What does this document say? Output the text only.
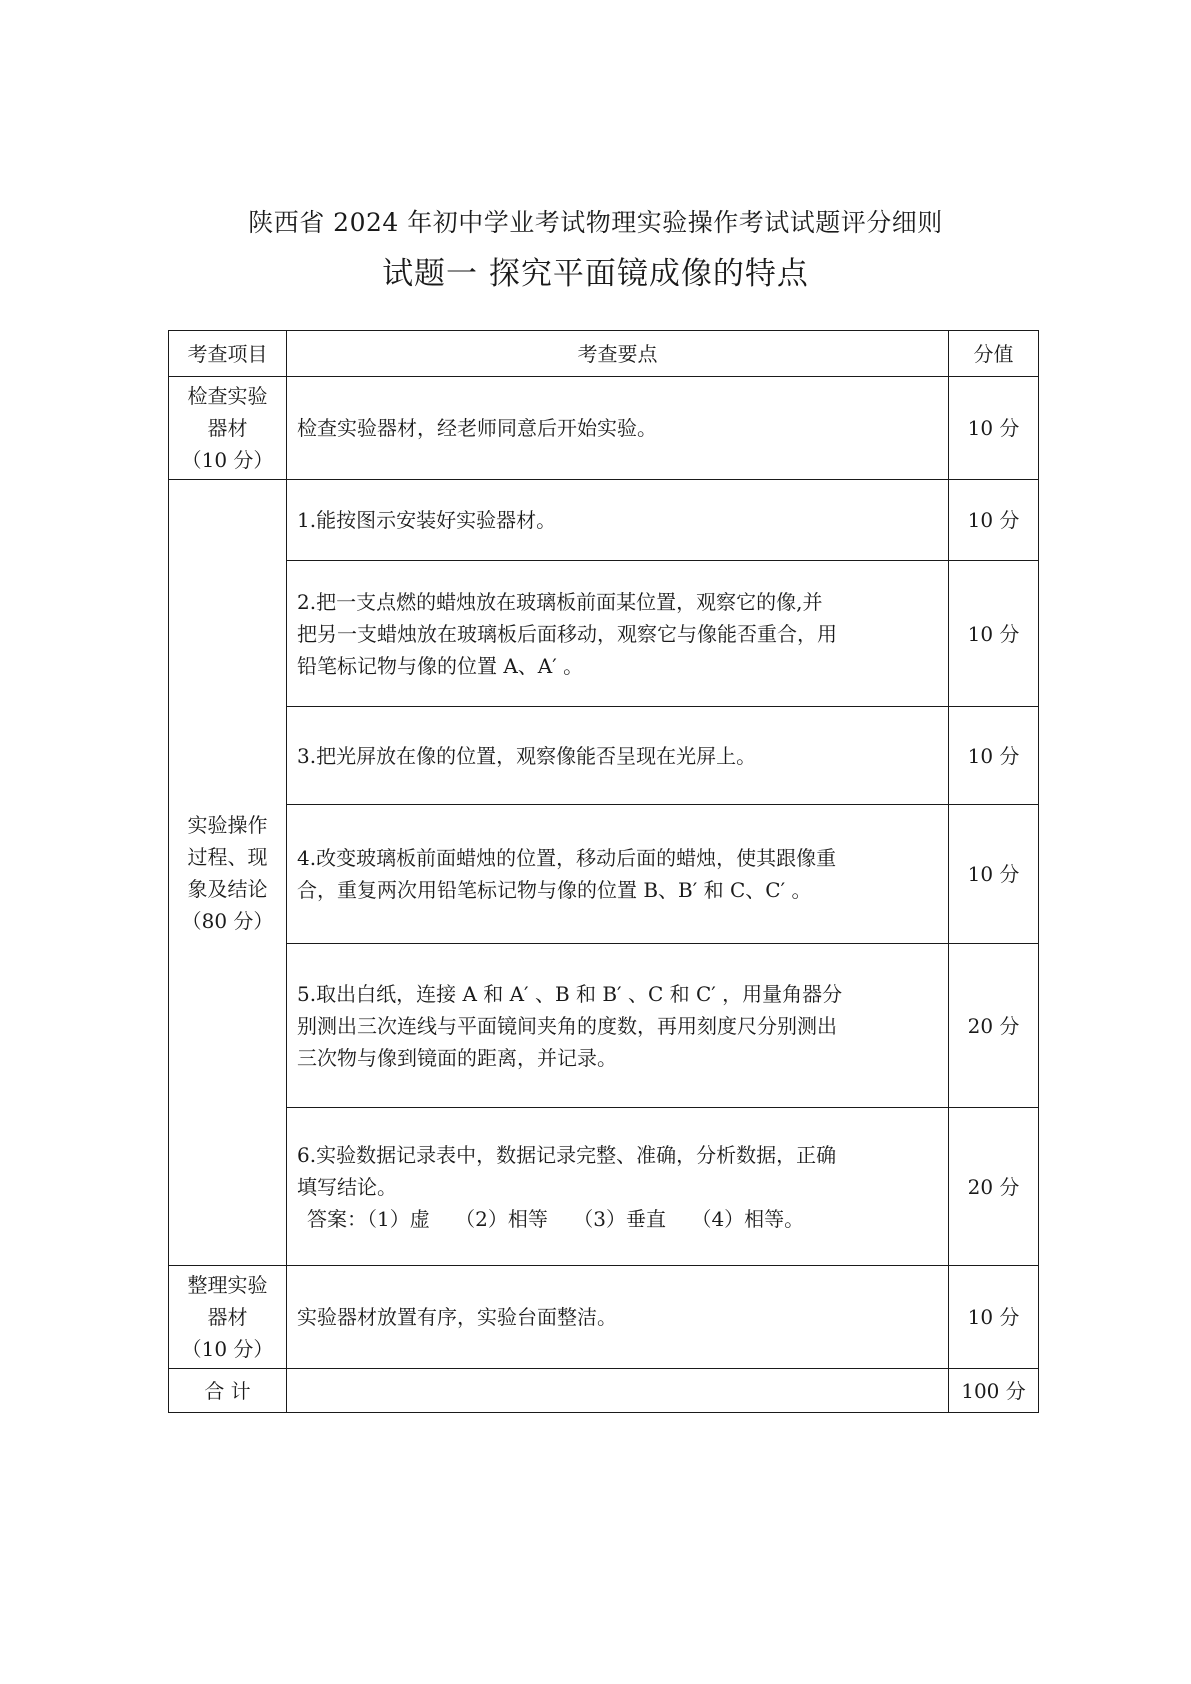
陕西省 2024 年初中学业考试物理实验操作考试试题评分细则
试题一 探究平面镜成像的特点
考查项目	考查要点	分值

检查实验
器材
（10 分）	检查实验器材，经老师同意后开始实验。	10 分

实验操作
过程、现
象及结论
（80 分）	1.能按图示安装好实验器材。	10 分

	2.把一支点燃的蜡烛放在玻璃板前面某位置，观察它的像,并
把另一支蜡烛放在玻璃板后面移动，观察它与像能否重合，用
铅笔标记物与像的位置 A、A′ 。	10 分

	3.把光屏放在像的位置，观察像能否呈现在光屏上。	10 分

	4.改变玻璃板前面蜡烛的位置，移动后面的蜡烛，使其跟像重
合，重复两次用铅笔标记物与像的位置 B、B′ 和 C、C′ 。	10 分

	5.取出白纸，连接 A 和 A′ 、B 和 B′ 、C 和 C′ ，用量角器分
别测出三次连线与平面镜间夹角的度数，再用刻度尺分别测出
三次物与像到镜面的距离，并记录。	20 分

	6.实验数据记录表中，数据记录完整、准确，分析数据，正确
填写结论。
答案：（1）虚    （2）相等    （3）垂直    （4）相等。	20 分

整理实验
器材
（10 分）	实验器材放置有序，实验台面整洁。	10 分
合 计		100 分
